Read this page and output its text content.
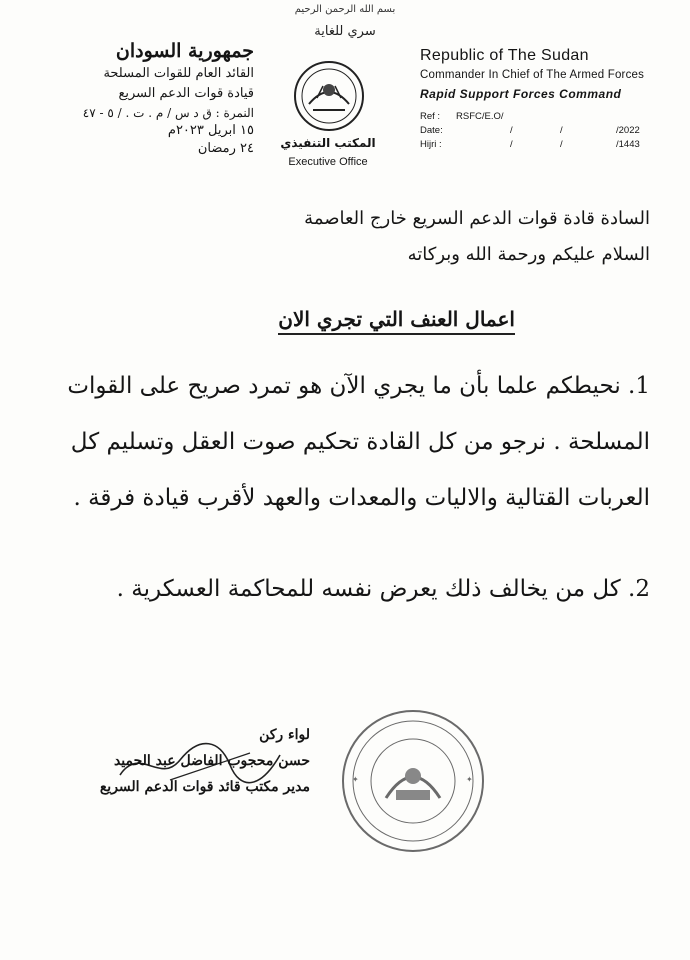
بسم الله الرحمن الرحيم
سري للغاية
جمهورية السودان
القائد العام للقوات المسلحة
قيادة قوات الدعم السريع
النمرة : ق د س / م . ت . / ٥ - ٤٧
١٥ ابريل ٢٠٢٣م
٢٤ رمضان	المكتب التنفيذي
Executive Office
Republic of The Sudan
Commander In Chief of The Armed Forces
Rapid Support Forces Command
Ref : RSFC/E.O/
Date:	/	/	/2022
Hijri :	/	/	/1443
السادة قادة قوات الدعم السريع خارج العاصمة
السلام عليكم ورحمة الله وبركاته
اعمال العنف التي تجري الان
1. نحيطكم علما بأن ما يجري الآن هو تمرد صريح على القوات المسلحة . نرجو من كل القادة تحكيم صوت العقل وتسليم كل العربات القتالية والاليات والمعدات والعهد لأقرب قيادة فرقة .
2. كل من يخالف ذلك يعرض نفسه للمحاكمة العسكرية .
✦	✦
لواء ركن
حسن محجوب الفاضل عبد الحميد
مدير مكتب قائد قوات الدعم السريع
